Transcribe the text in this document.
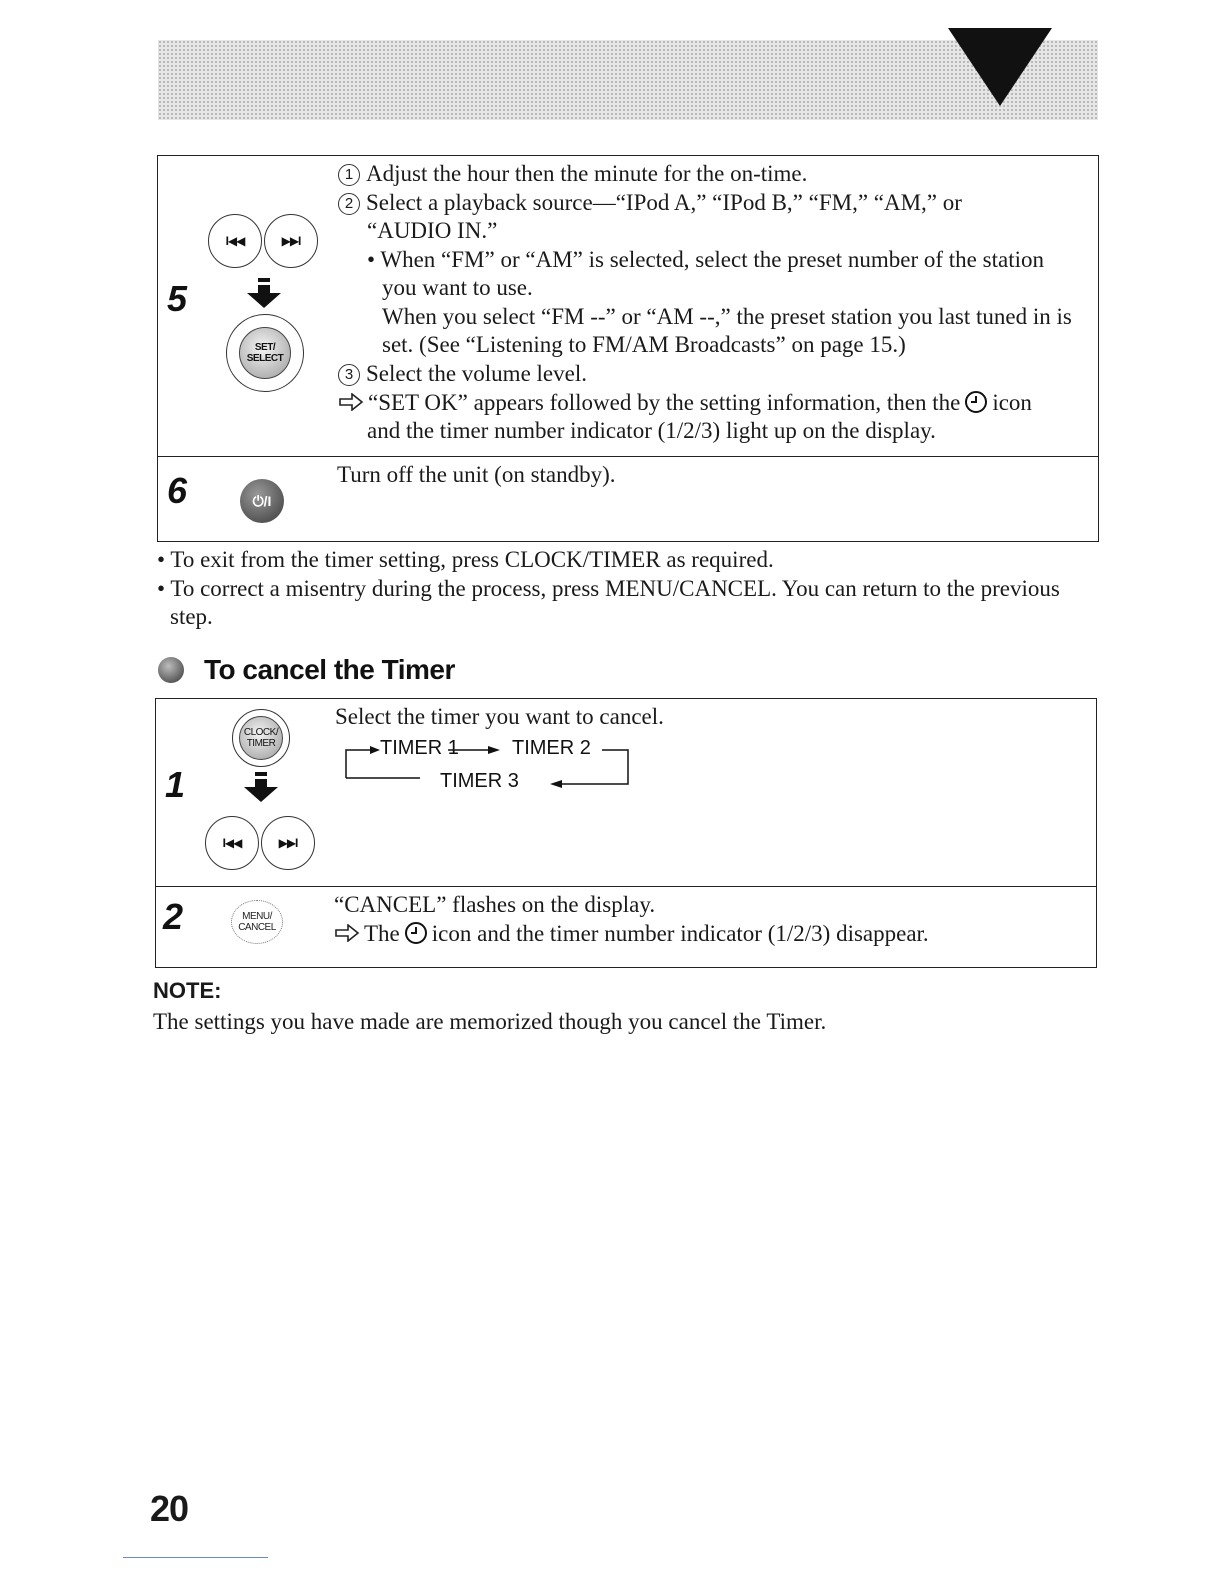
5
I◀◀	▶▶I
SET/
SELECT
1 Adjust the hour then the minute for the on-time.
2 Select a playback source—“IPod A,” “IPod B,” “FM,” “AM,” or
“AUDIO IN.”
• When “FM” or “AM” is selected, select the preset number of the station
you want to use.
When you select “FM --” or “AM --,” the preset station you last tuned in is
set. (See “Listening to FM/AM Broadcasts” on page 15.)
3 Select the volume level.
“SET OK” appears followed by the setting information, then the icon
and the timer number indicator (1/2/3) light up on the display.
6	⏻/I
Turn off the unit (on standby).
• To exit from the timer setting, press CLOCK/TIMER as required.
• To correct a misentry during the process, press MENU/CANCEL. You can return to the previous
step.
To cancel the Timer
1
CLOCK/
TIMER
I◀◀	▶▶I
Select the timer you want to cancel.
TIMER 1	TIMER 2
TIMER 3
2	MENU/
CANCEL
“CANCEL” flashes on the display.
The icon and the timer number indicator (1/2/3) disappear.
NOTE:
The settings you have made are memorized though you cancel the Timer.
20
